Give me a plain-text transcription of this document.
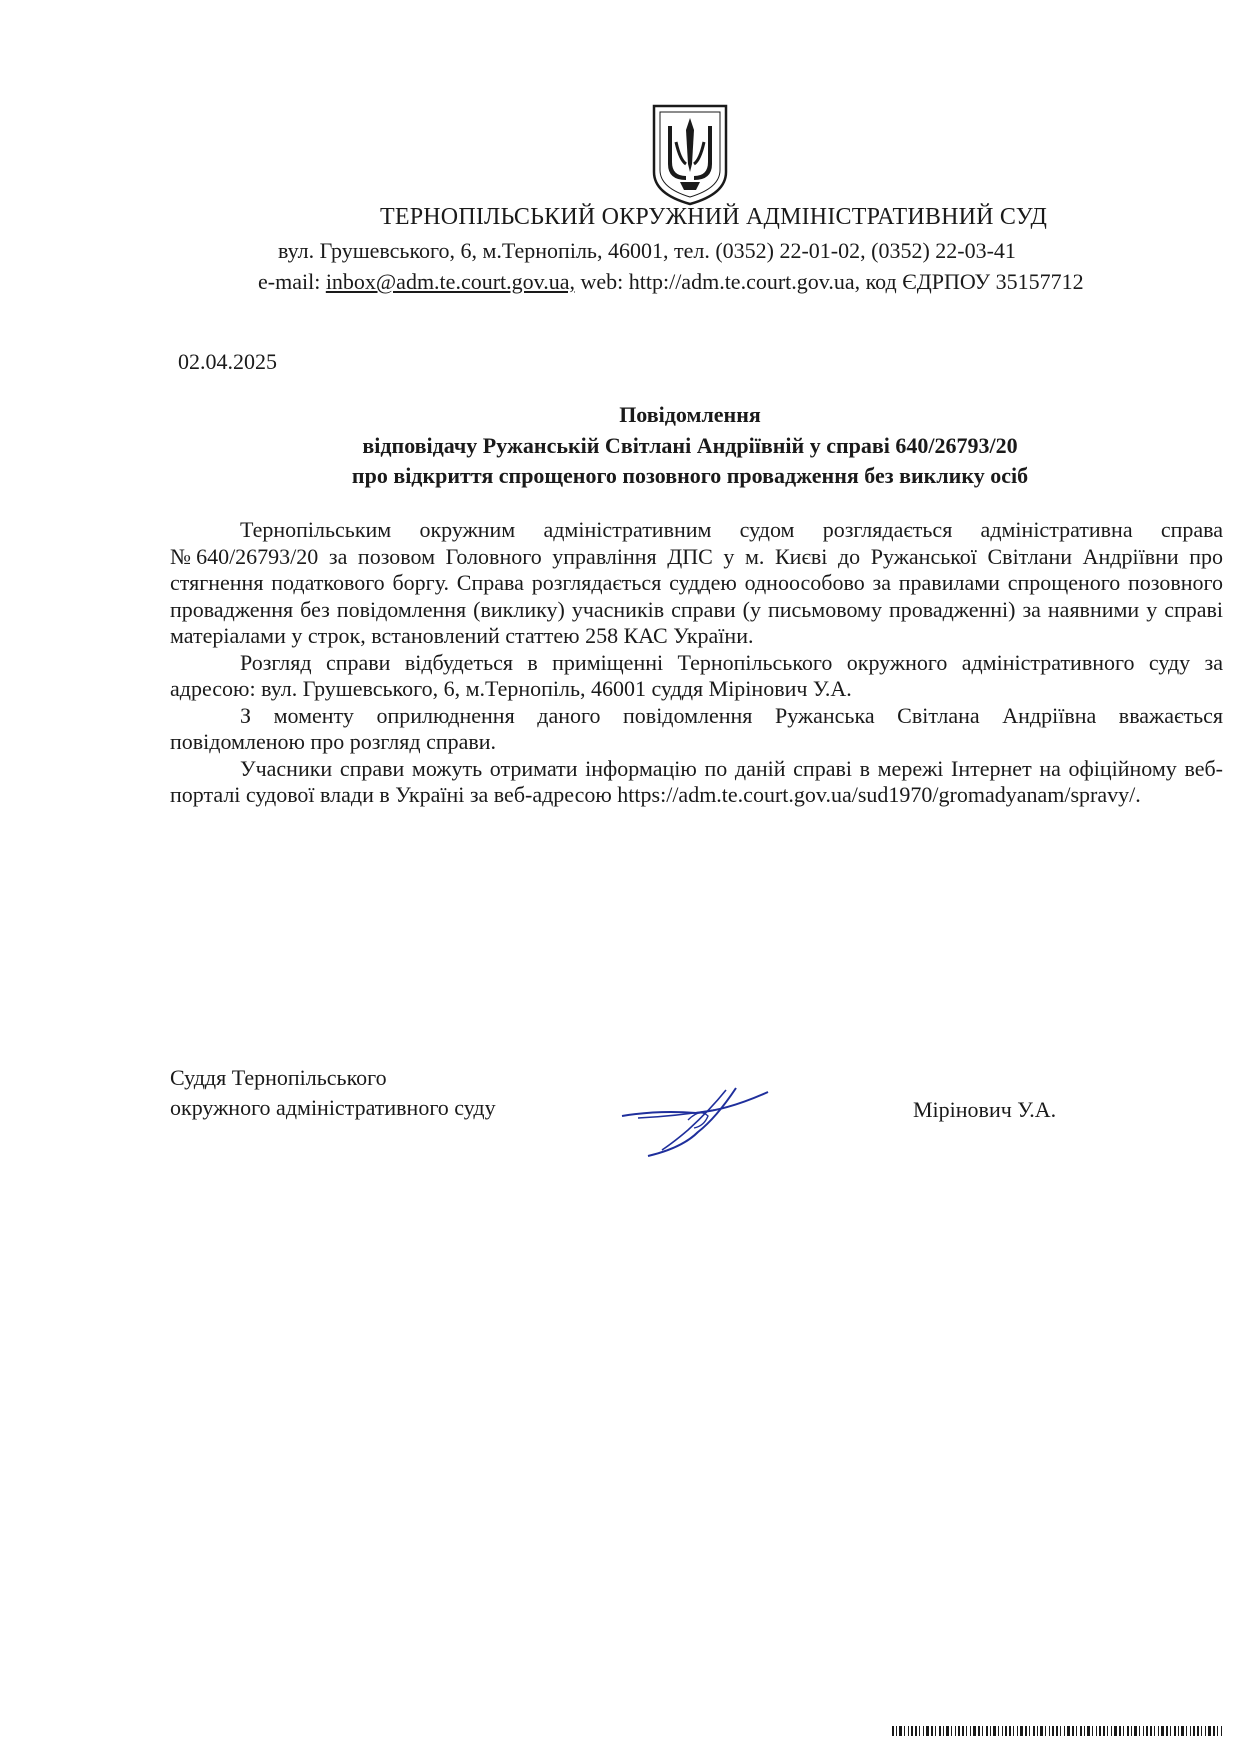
ТЕРНОПІЛЬСЬКИЙ ОКРУЖНИЙ АДМІНІСТРАТИВНИЙ СУД
вул. Грушевського, 6, м.Тернопіль, 46001, тел. (0352) 22-01-02, (0352) 22-03-41
e-mail: inbox@adm.te.court.gov.ua, web: http://adm.te.court.gov.ua, код ЄДРПОУ 35157712
02.04.2025
Повідомлення
відповідачу Ружанській Світлані Андріївній у справі 640/26793/20
про відкриття спрощеного позовного провадження без виклику осіб

Тернопільським окружним адміністративним судом розглядається адміністративна справа №640/26793/20 за позовом Головного управління ДПС у м. Києві до Ружанської Світлани Андріївни про стягнення податкового боргу. Справа розглядається суддею одноособово за правилами спрощеного позовного провадження без повідомлення (виклику) учасників справи (у письмовому провадженні) за наявними у справі матеріалами у строк, встановлений статтею 258 КАС України.

Розгляд справи відбудеться в приміщенні Тернопільського окружного адміністративного суду за адресою: вул. Грушевського, 6, м.Тернопіль, 46001 суддя Мірінович У.А.

З моменту оприлюднення даного повідомлення Ружанська Світлана Андріївна вважається повідомленою про розгляд справи.

Учасники справи можуть отримати інформацію по даній справі в мережі Інтернет на офіційному веб-порталі судової влади в Україні за веб-адресою https://adm.te.court.gov.ua/sud1970/gromadyanam/spravy/.

Суддя Тернопільського
окружного адміністративного суду	Мірінович У.А.
